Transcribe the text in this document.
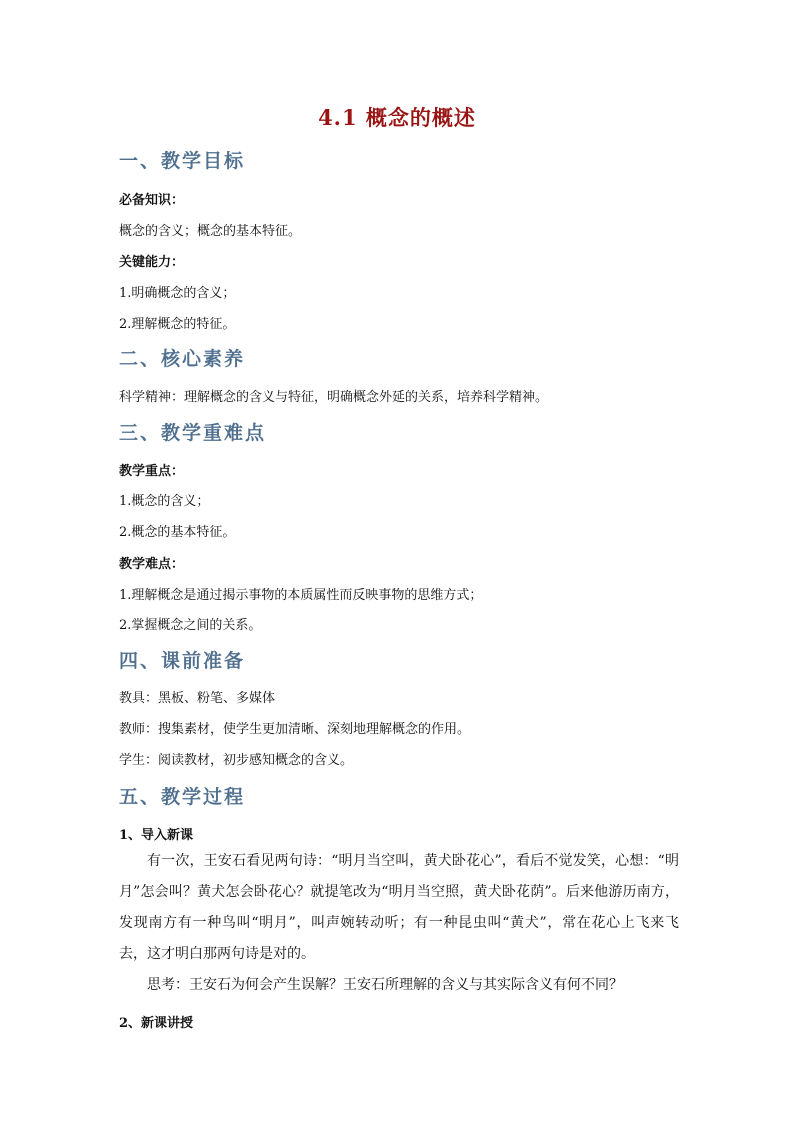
4.1 概念的概述
一、教学目标
必备知识：
概念的含义；概念的基本特征。
关键能力：
1.明确概念的含义；
2.理解概念的特征。
二、核心素养
科学精神：理解概念的含义与特征，明确概念外延的关系，培养科学精神。
三、教学重难点
教学重点：
1.概念的含义；
2.概念的基本特征。
教学难点：
1.理解概念是通过揭示事物的本质属性而反映事物的思维方式；
2.掌握概念之间的关系。
四、课前准备
教具：黑板、粉笔、多媒体
教师：搜集素材，使学生更加清晰、深刻地理解概念的作用。
学生：阅读教材，初步感知概念的含义。
五、教学过程
1、导入新课
有一次，王安石看见两句诗：“明月当空叫，黄犬卧花心”，看后不觉发笑，心想：“明月”怎会叫？黄犬怎会卧花心？就提笔改为“明月当空照，黄犬卧花荫”。后来他游历南方，发现南方有一种鸟叫“明月”，叫声婉转动听；有一种昆虫叫“黄犬”，常在花心上飞来飞去，这才明白那两句诗是对的。
思考：王安石为何会产生误解？王安石所理解的含义与其实际含义有何不同？
2、新课讲授
